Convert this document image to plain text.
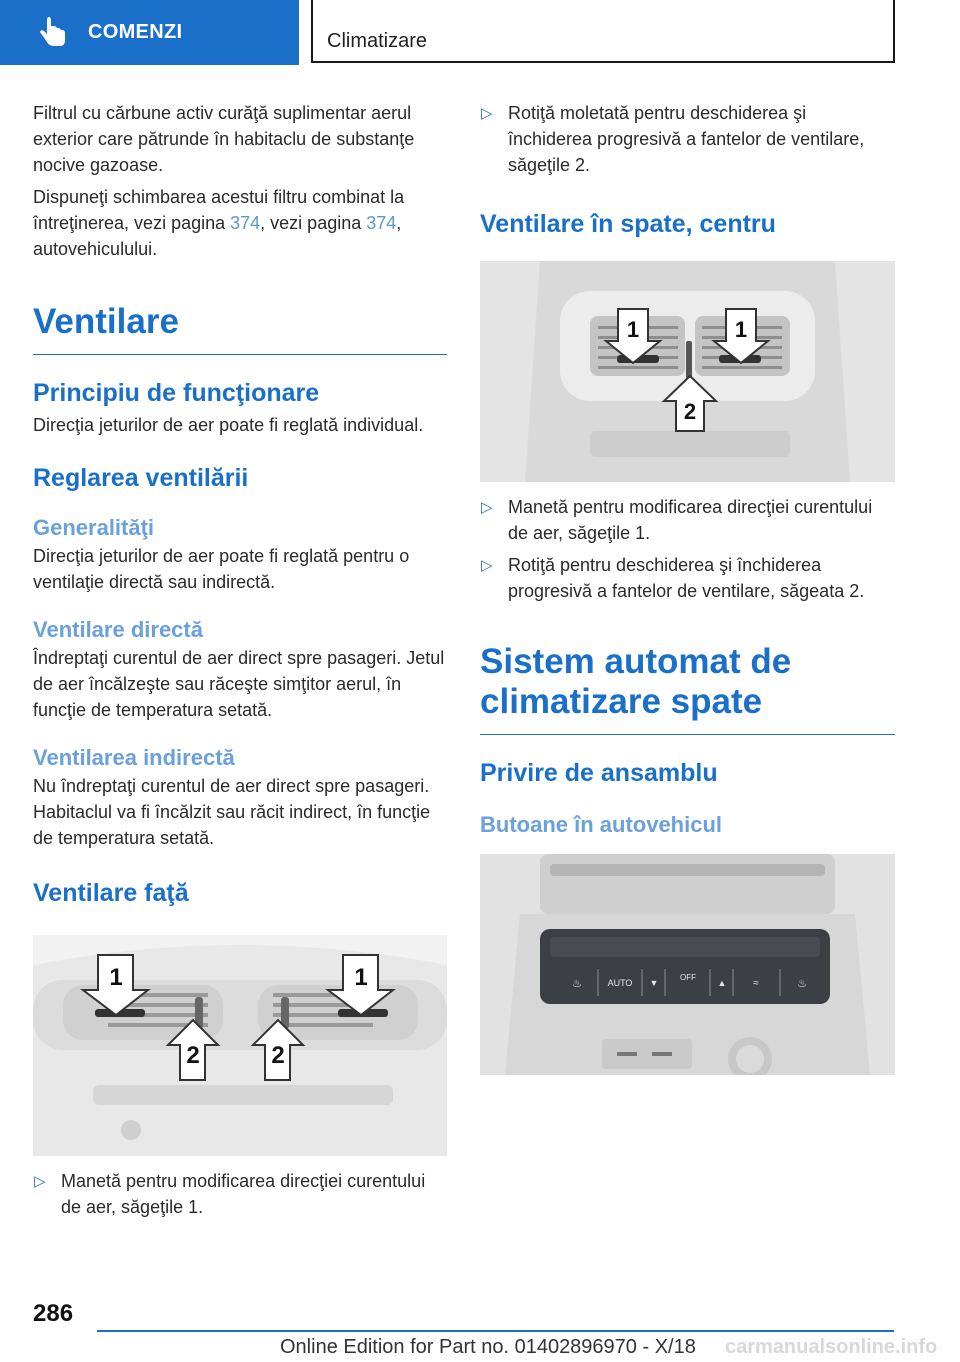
COMENZI	Climatizare

Filtrul cu cărbune activ curăţă suplimentar aerul exterior care pătrunde în habitaclu de substanţe nocive gazoase.

Dispuneţi schimbarea acestui filtru combinat la întreţinerea, vezi pagina 374, vezi pagina 374, autovehiculului.

Ventilare
Principiu de funcţionare

Direcţia jeturilor de aer poate fi reglată individual.

Reglarea ventilării
Generalităţi

Direcţia jeturilor de aer poate fi reglată pentru o ventilaţie directă sau indirectă.

Ventilare directă

Îndreptaţi curentul de aer direct spre pasageri. Jetul de aer încălzeşte sau răceşte simţitor aerul, în funcţie de temperatura setată.

Ventilarea indirectă

Nu îndreptaţi curentul de aer direct spre pasageri. Habitaclul va fi încălzit sau răcit indirect, în funcţie de temperatura setată.

Ventilare faţă
1	1
2	2

▷ Manetă pentru modificarea direcţiei curentului de aer, săgeţile 1.

▷ Rotiţă moletată pentru deschiderea şi închiderea progresivă a fantelor de ventilare, săgeţile 2.

Ventilare în spate, centru
1	1
2

▷ Manetă pentru modificarea direcţiei curentului de aer, săgeţile 1.

▷ Rotiţă pentru deschiderea şi închiderea progresivă a fantelor de ventilare, săgeata 2.

Sistem automat de climatizare spate
Privire de ansamblu
Butoane în autovehicul
♨	AUTO ▼
OFF
▲	≈	♨
286
Online Edition for Part no. 01402896970 - X/18 carmanualsonline.info
